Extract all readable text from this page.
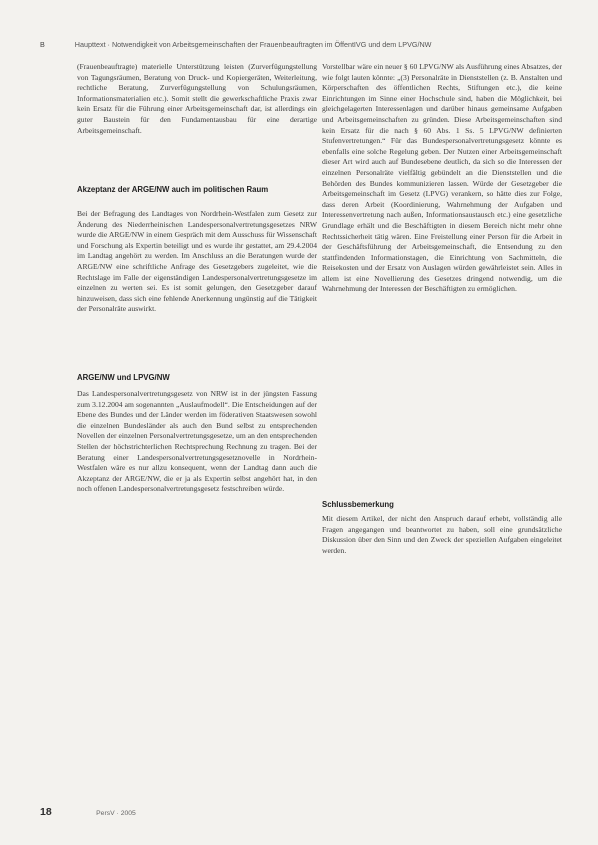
B	Haupttext · Notwendigkeit von Arbeitsgemeinschaften der Frauenbeauftragten im ÖffentIVG und dem LPVG/NW

(Frauenbeauftragte) materielle Unterstützung leisten (Zurverfügungstellung von Tagungsräumen, Beratung von Druck- und Kopiergeräten, Weiterleitung, rechtliche Beratung, Zurverfügungstellung von Schulungsräumen, Informationsmaterialien etc.). Somit stellt die gewerkschaftliche Praxis zwar kein Ersatz für die Führung einer Arbeitsgemeinschaft dar, ist allerdings ein guter Baustein für den Fundamentausbau für eine derartige Arbeitsgemeinschaft.

Akzeptanz der ARGE/NW auch im politischen Raum

Bei der Befragung des Landtages von Nordrhein-Westfalen zum Gesetz zur Änderung des Niederrheinischen Landespersonalvertretungsgesetzes NRW wurde die ARGE/NW in einem Gespräch mit dem Ausschuss für Wissenschaft und Forschung als Expertin beteiligt und es wurde ihr gestattet, am 29.4.2004 im Landtag angehört zu werden. Im Anschluss an die Beratungen wurde der ARGE/NW eine schriftliche Anfrage des Gesetzgebers zugeleitet, wie die Rechtslage im Falle der eigenständigen Landespersonalvertretungsgesetze im einzelnen zu werten sei. Es ist somit gelungen, den Gesetzgeber darauf hinzuweisen, dass sich eine fehlende Anerkennung ungünstig auf die Tätigkeit der Personalräte auswirkt.

ARGE/NW und LPVG/NW

Das Landespersonalvertretungsgesetz von NRW ist in der jüngsten Fassung zum 3.12.2004 am sogenannten „Auslaufmodell“. Die Entscheidungen auf der Ebene des Bundes und der Länder werden im föderativen Staatswesen sowohl die einzelnen Bundesländer als auch den Bund selbst zu entsprechenden Novellen der einzelnen Personalvertretungsgesetze, um an den entsprechenden Stellen der höchstrichterlichen Rechtsprechung Rechnung zu tragen. Bei der Beratung einer Landespersonalvertretungsgesetznovelle in Nordrhein-Westfalen wäre es nur allzu konsequent, wenn der Landtag dann auch die Akzeptanz der ARGE/NW, die er ja als Expertin selbst angehört hat, in den noch offenen Landespersonalvertretungsgesetz festschreiben würde.

Vorstellbar wäre ein neuer § 60 LPVG/NW als Ausführung eines Absatzes, der wie folgt lauten könnte: „(3) Personalräte in Dienststellen (z. B. Anstalten und Körperschaften des öffentlichen Rechts, Stiftungen etc.), die keine Einrichtungen im Sinne einer Hochschule sind, haben die Möglichkeit, bei gleichgelagerten Interessenlagen und darüber hinaus gemeinsame Aufgaben und Arbeitsgemeinschaften zu gründen. Diese Arbeitsgemeinschaften sind kein Ersatz für die nach § 60 Abs. 1 Ss. 5 LPVG/NW definierten Stufenvertretungen.“ Für das Bundespersonalvertretungsgesetz könnte es ebenfalls eine solche Regelung geben. Der Nutzen einer Arbeitsgemeinschaft dieser Art wird auch auf Bundesebene deutlich, da sich so die Interessen der einzelnen Personalräte vielfältig gebündelt an die Dienststellen und die Behörden des Bundes kommunizieren lassen. Würde der Gesetzgeber die Arbeitsgemeinschaft im Gesetz (LPVG) verankern, so hätte dies zur Folge, dass deren Arbeit (Koordinierung, Wahrnehmung der Aufgaben und Interessenvertretung nach außen, Informationsaustausch etc.) eine gesetzliche Grundlage erhält und die Beschäftigten in diesem Bereich nicht mehr ohne Rechtssicherheit tätig wären. Eine Freistellung einer Person für die Arbeit in der Geschäftsführung der Arbeitsgemeinschaft, die Entsendung zu den stattfindenden Informationstagen, die Einrichtung von Sachmitteln, die Reisekosten und der Ersatz von Auslagen würden gewährleistet sein. Alles in allem ist eine Novellierung des Gesetzes dringend notwendig, um die Wahrnehmung der Interessen der Beschäftigten zu ermöglichen.

Schlussbemerkung

Mit diesem Artikel, der nicht den Anspruch darauf erhebt, vollständig alle Fragen angegangen und beantwortet zu haben, soll eine grundsätzliche Diskussion über den Sinn und den Zweck der speziellen Aufgaben eingeleitet werden.

18	PersV · 2005
